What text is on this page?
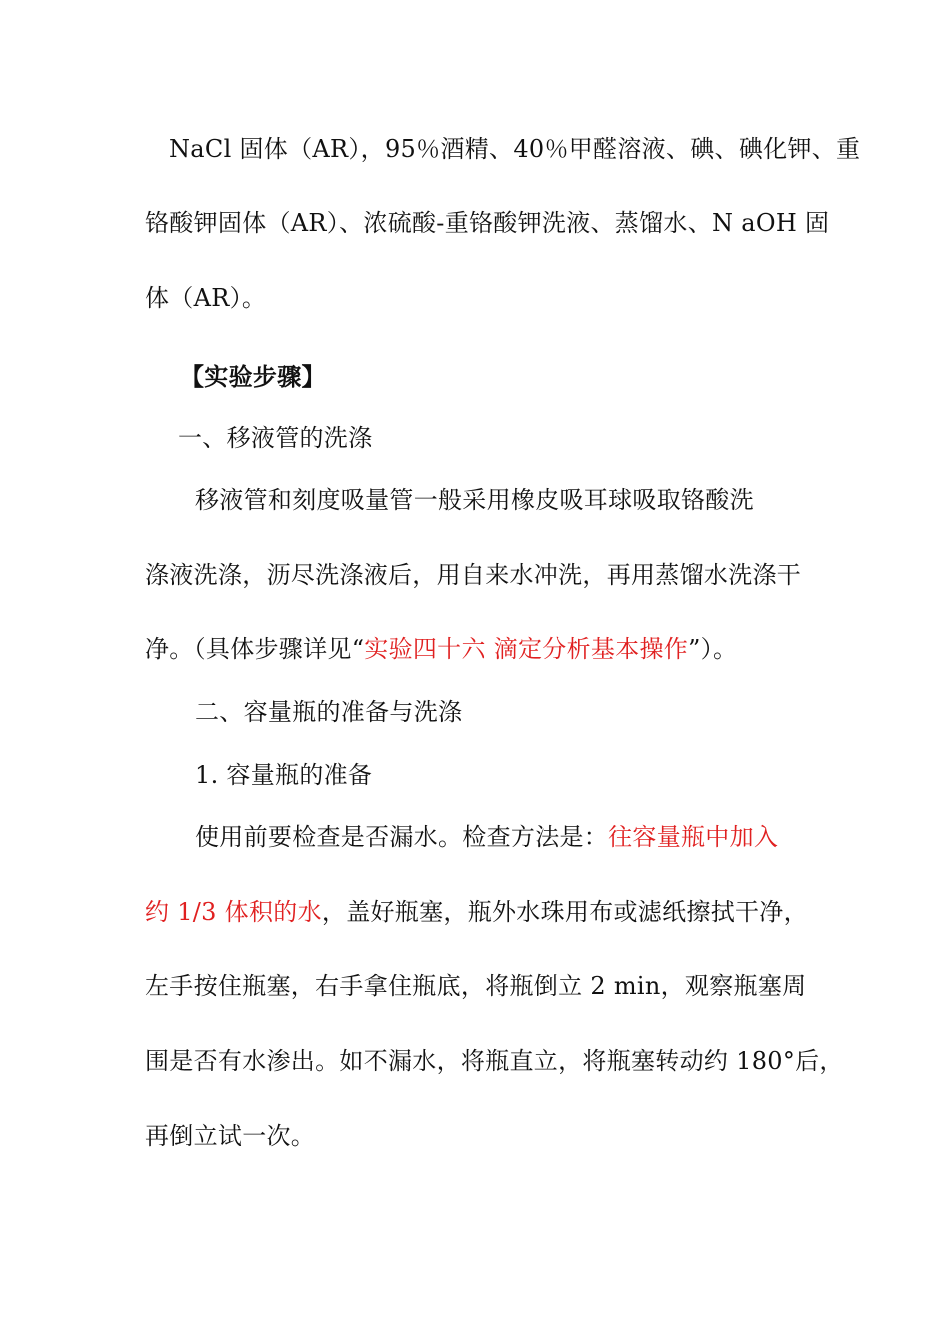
NaCl 固体（AR），95％酒精、40％甲醛溶液、碘、碘化钾、重
铬酸钾固体（AR）、浓硫酸-重铬酸钾洗液、蒸馏水、N aOH 固
体（AR）。
【实验步骤】
一、移液管的洗涤
移液管和刻度吸量管一般采用橡皮吸耳球吸取铬酸洗
涤液洗涤，沥尽洗涤液后，用自来水冲洗，再用蒸馏水洗涤干
净。（具体步骤详见“实验四十六 滴定分析基本操作”）。
二、容量瓶的准备与洗涤
1. 容量瓶的准备
使用前要检查是否漏水。检查方法是：往容量瓶中加入
约 1/3 体积的水，盖好瓶塞，瓶外水珠用布或滤纸擦拭干净，
左手按住瓶塞，右手拿住瓶底，将瓶倒立 2 min，观察瓶塞周
围是否有水渗出。如不漏水，将瓶直立，将瓶塞转动约 180°后，
再倒立试一次。
